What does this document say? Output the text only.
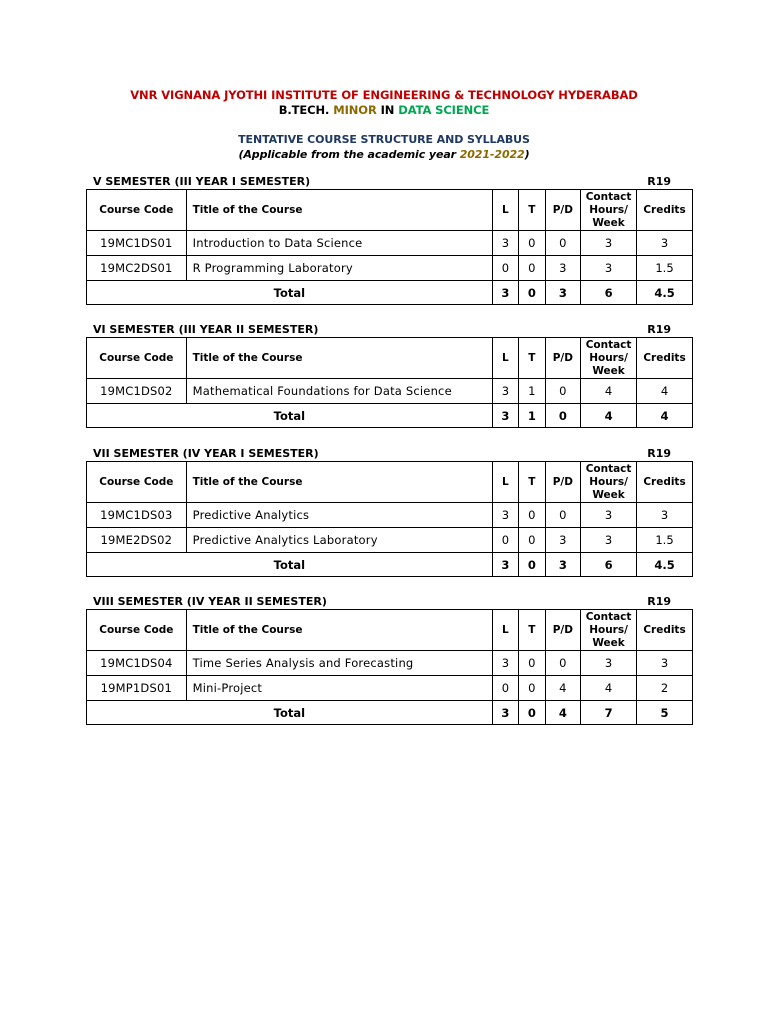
VNR VIGNANA JYOTHI INSTITUTE OF ENGINEERING & TECHNOLOGY HYDERABAD
B.TECH. MINOR IN DATA SCIENCE
TENTATIVE COURSE STRUCTURE AND SYLLABUS
(Applicable from the academic year 2021-2022)
V SEMESTER (III YEAR I SEMESTER)	R19
Course Code	Title of the Course	L	T	P/D	Contact
Hours/
Week	Credits
19MC1DS01	Introduction to Data Science	3	0	0	3	3
19MC2DS01	R Programming Laboratory	0	0	3	3	1.5
Total		3	0	3	6	4.5
VI SEMESTER (III YEAR II SEMESTER)	R19
Course Code	Title of the Course	L	T	P/D	Contact
Hours/
Week	Credits
19MC1DS02	Mathematical Foundations for Data Science	3	1	0	4	4
Total		3	1	0	4	4
VII SEMESTER (IV YEAR I SEMESTER)	R19
Course Code	Title of the Course	L	T	P/D	Contact
Hours/
Week	Credits
19MC1DS03	Predictive Analytics	3	0	0	3	3
19ME2DS02	Predictive Analytics Laboratory	0	0	3	3	1.5
Total		3	0	3	6	4.5
VIII SEMESTER (IV YEAR II SEMESTER)	R19
Course Code	Title of the Course	L	T	P/D	Contact
Hours/
Week	Credits
19MC1DS04	Time Series Analysis and Forecasting	3	0	0	3	3
19MP1DS01	Mini-Project	0	0	4	4	2
Total		3	0	4	7	5
